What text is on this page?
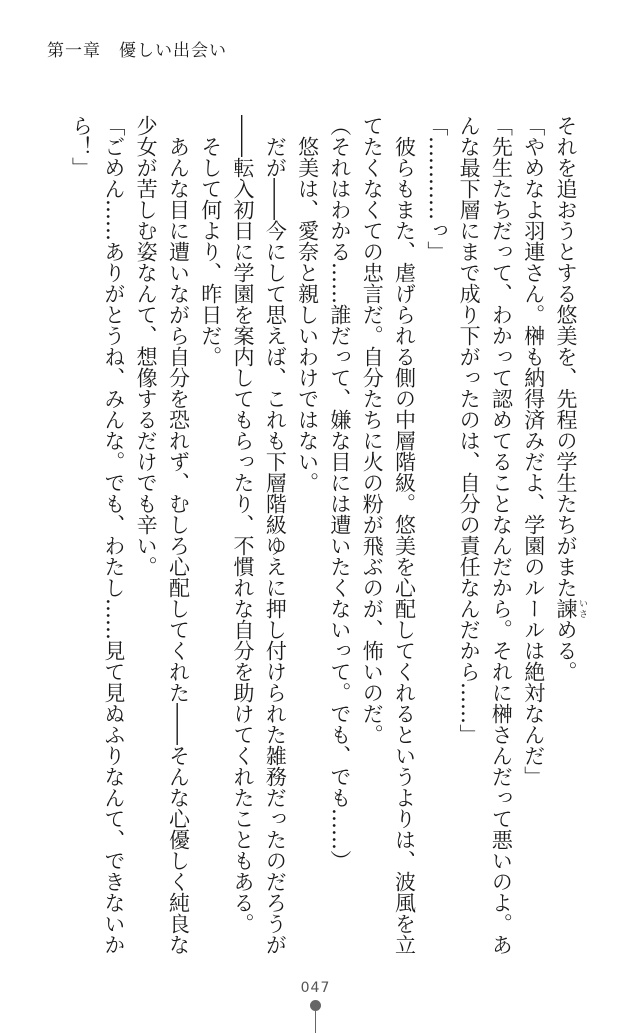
第一章　優しい出会い
それを追おうとする悠美を、先程の学生たちがまた諫 いさめる。
「やめなよ羽連さん。榊も納得済みだよ、学園のルールは絶対なんだ」
「先生たちだって、わかって認めてることなんだから。それに榊さんだって悪いのよ。あ
んな最下層にまで成り下がったのは、自分の責任なんだから……」
「…………っ」
　彼らもまた、虐げられる側の中層階級。悠美を心配してくれるというよりは、波風を立
てたくなくての忠言だ。自分たちに火の粉が飛ぶのが、怖いのだ。
（それはわかる……誰だって、嫌な目には遭いたくないって。でも、でも……）
　悠美は、愛奈と親しいわけではない。
　だが――今にして思えば、これも下層階級ゆえに押し付けられた雑務だったのだろうが
――転入初日に学園を案内してもらったり、不慣れな自分を助けてくれたこともある。
　そして何より、昨日だ。
　あんな目に遭いながら自分を恐れず、むしろ心配してくれた――そんな心優しく純良な
少女が苦しむ姿なんて、想像するだけでも辛い。
「ごめん……ありがとうね、みんな。でも、わたし……見て見ぬふりなんて、できないか
ら！」
047
